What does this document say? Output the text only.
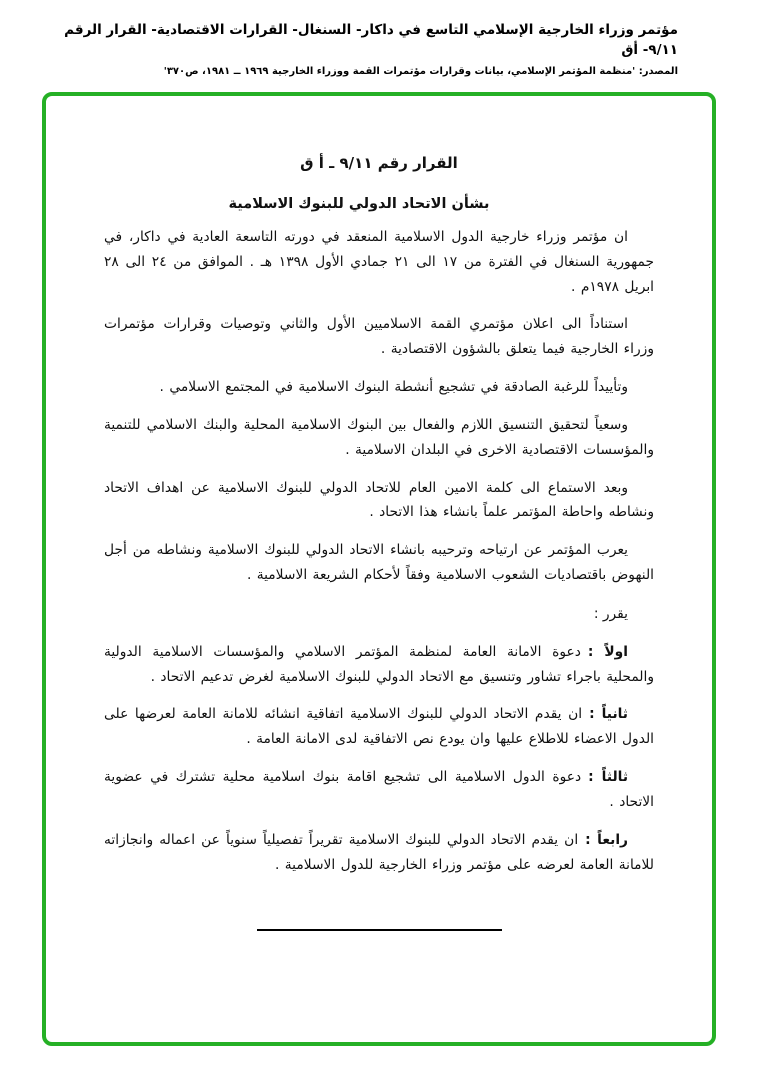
مؤتمر وزراء الخارجية الإسلامي التاسع في داكار- السنغال- القرارات الاقتصادية- القرار الرقم ٩/١١- أق
المصدر: 'منظمة المؤتمر الإسلامي، بيانات وقرارات مؤتمرات القمة ووزراء الخارجية ١٩٦٩ ــ ١٩٨١، ص٣٧٠'
القرار رقم ٩/١١ ـ أ ق
بشأن الاتحاد الدولي للبنوك الاسلامية

ان مؤتمر وزراء خارجية الدول الاسلامية المنعقد في دورته التاسعة العادية في داكار، في جمهورية السنغال في الفترة من ١٧ الى ٢١ جمادي الأول ١٣٩٨ هـ . الموافق من ٢٤ الى ٢٨ ابريل ١٩٧٨م .

استناداً الى اعلان مؤتمري القمة الاسلاميين الأول والثاني وتوصيات وقرارات مؤتمرات وزراء الخارجية فيما يتعلق بالشؤون الاقتصادية .

وتأييداً للرغبة الصادقة في تشجيع أنشطة البنوك الاسلامية في المجتمع الاسلامي .

وسعياً لتحقيق التنسيق اللازم والفعال بين البنوك الاسلامية المحلية والبنك الاسلامي للتنمية والمؤسسات الاقتصادية الاخرى في البلدان الاسلامية .

وبعد الاستماع الى كلمة الامين العام للاتحاد الدولي للبنوك الاسلامية عن اهداف الاتحاد ونشاطه واحاطة المؤتمر علماً بانشاء هذا الاتحاد .

يعرب المؤتمر عن ارتياحه وترحيبه بانشاء الاتحاد الدولي للبنوك الاسلامية ونشاطه من أجل النهوض باقتصاديات الشعوب الاسلامية وفقاً لأحكام الشريعة الاسلامية .

يقرر :

اولاً :دعوة الامانة العامة لمنظمة المؤتمر الاسلامي والمؤسسات الاسلامية الدولية والمحلية باجراء تشاور وتنسيق مع الاتحاد الدولي للبنوك الاسلامية لغرض تدعيم الاتحاد .

ثانياً :ان يقدم الاتحاد الدولي للبنوك الاسلامية اتفاقية انشائه للامانة العامة لعرضها على الدول الاعضاء للاطلاع عليها وان يودع نص الاتفاقية لدى الامانة العامة .

ثالثاً :دعوة الدول الاسلامية الى تشجيع اقامة بنوك اسلامية محلية تشترك في عضوية الاتحاد .

رابعاً :ان يقدم الاتحاد الدولي للبنوك الاسلامية تقريراً تفصيلياً سنوياً عن اعماله وانجازاته للامانة العامة لعرضه على مؤتمر وزراء الخارجية للدول الاسلامية .
